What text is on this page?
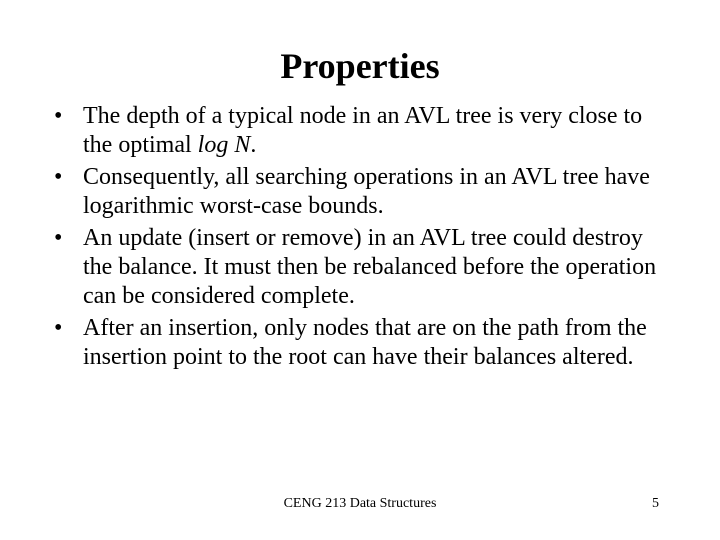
Properties
• The depth of a typical node in an AVL tree is very close to the optimal log N.
• Consequently, all searching operations in an AVL tree have logarithmic worst-case bounds.
• An update (insert or remove) in an AVL tree could destroy the balance. It must then be rebalanced before the operation can be considered complete.
• After an insertion, only nodes that are on the path from the insertion point to the root can have their balances altered.
CENG 213 Data Structures	5
